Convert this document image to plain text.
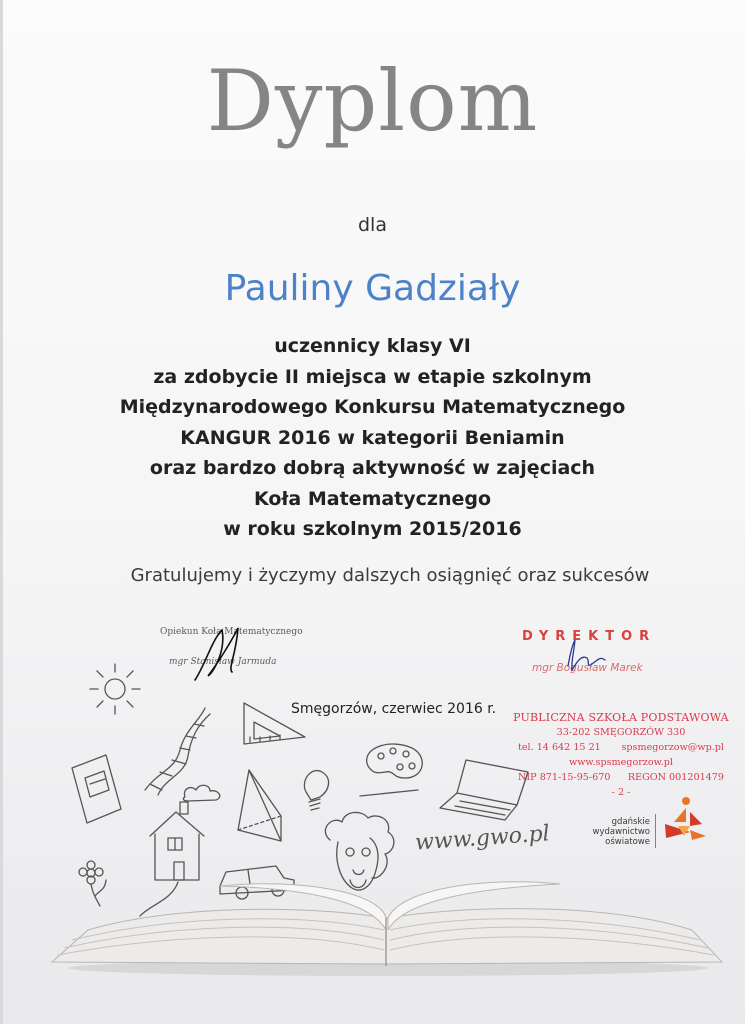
Dyplom
dla
Pauliny Gadziały
uczennicy klasy VI
za zdobycie II miejsca w etapie szkolnym
Międzynarodowego Konkursu Matematycznego
KANGUR 2016 w kategorii Beniamin
oraz bardzo dobrą aktywność w zajęciach
Koła Matematycznego
w roku szkolnym 2015/2016
Gratulujemy i życzymy dalszych osiągnięć oraz sukcesów
Opiekun Koła Matematycznego
mgr Stanisław Jarmuda
DYREKTOR
mgr Bogusław Marek
Smęgorzów, czerwiec 2016 r.
PUBLICZNA SZKOŁA PODSTAWOWA
33-202 SMĘGORZÓW 330
tel. 14 642 15 21 spsmegorzow@wp.pl
www.spsmegorzow.pl
NIP 871-15-95-670 REGON 001201479
- 2 -
www.gwo.pl	gdańskie
wydawnictwo
oświatowe
